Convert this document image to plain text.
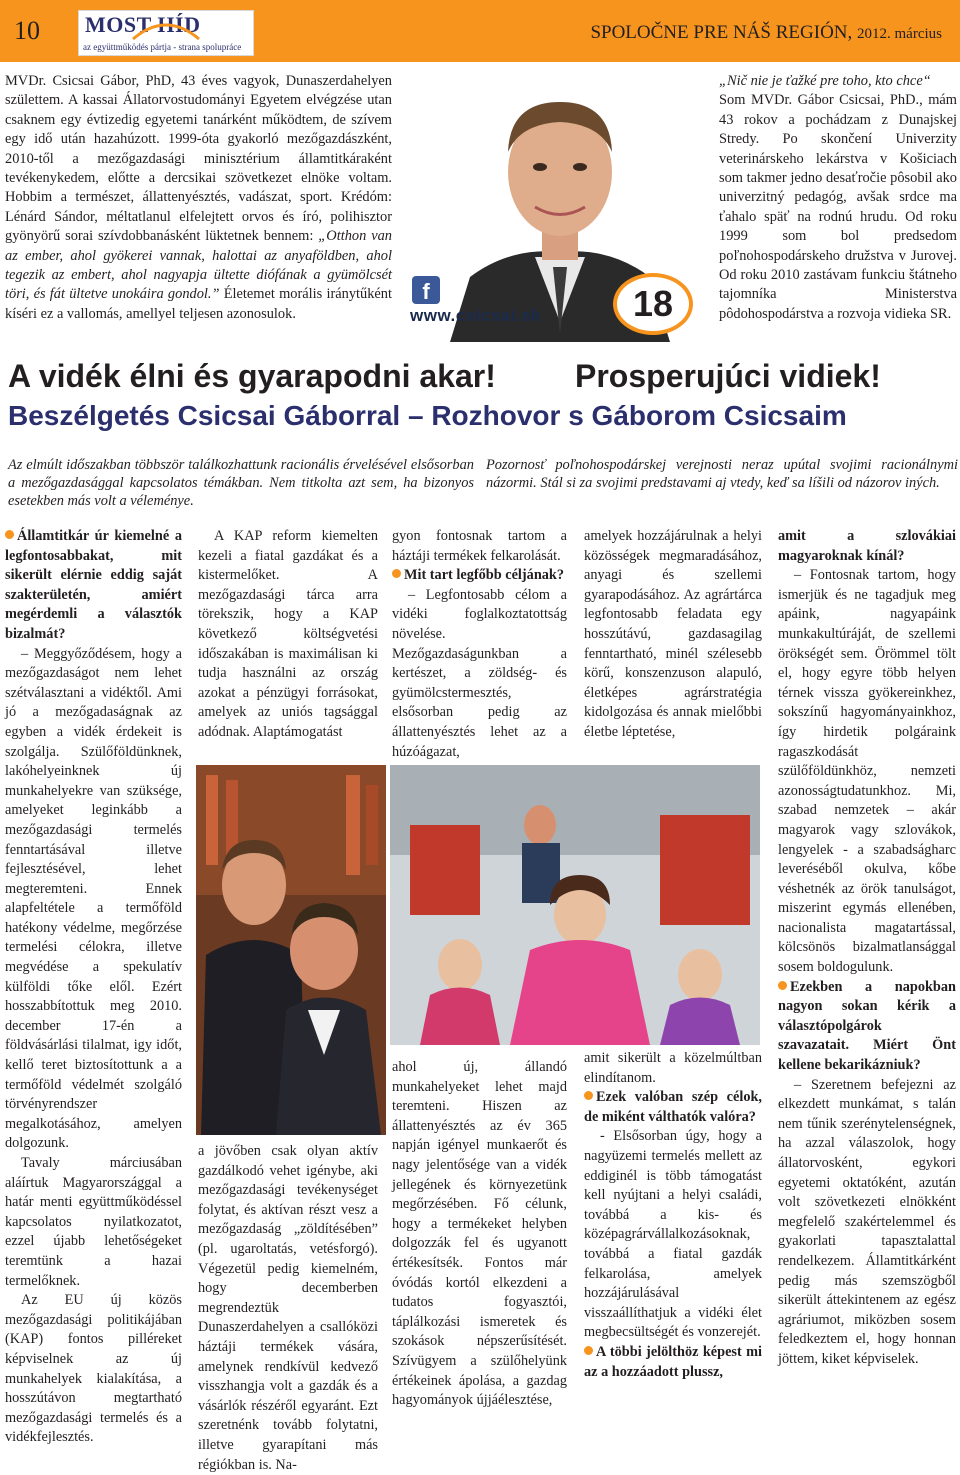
10 MOST HÍD
az együttműködés pártja - strana spolupráce
SPOLOČNE PRE NÁŠ REGIÓN, 2012. március
MVDr. Csicsai Gábor, PhD, 43 éves vagyok, Dunaszerdahelyen születtem. A kassai Állatorvostudományi Egyetem elvégzése utan csaknem egy évtizedig egyetemi tanárként működtem, de szívem egy idő után hazahúzott. 1999-óta gyakorló mezőgazdászként, 2010-től a mezőgazdasági minisztérium államtitkáraként tevékenykedem, előtte a dercsikai szövetkezet elnöke voltam. Hobbim a természet, állattenyésztés, vadászat, sport. Krédóm: Lénárd Sándor, méltatlanul elfelejtett orvos és író, polihisztor gyönyörű sorai szívdobbanásként lüktetnek bennem: „Otthon van az ember, ahol gyökerei vannak, halottai az anyaföldben, ahol tegezik az embert, ahol nagyapja ültette diófának a gyümölcsét töri, és fát ültetve unokáira gondol.” Életemet morális iránytűként kíséri ez a vallomás, amellyel teljesen azonosulok.
f
www.csicsai.sk	18
„Nič nie je ťažké pre toho, kto chce“
Som MVDr. Gábor Csicsai, PhD., mám 43 rokov a pochádzam z Dunajskej Stredy. Po skončení Univerzity veterinárskeho lekárstva v Košiciach som takmer jedno desaťročie pôsobil ako univerzitný pedagóg, avšak srdce ma ťahalo späť na rodnú hrudu. Od roku 1999 som bol predsedom poľnohospodárskeho družstva v Jurovej. Od roku 2010 zastávam funkciu štátneho tajomníka Ministerstva pôdohospodárstva a rozvoja vidieka SR.
A vidék élni és gyarapodni akar! Prosperujúci vidiek!
Beszélgetés Csicsai Gáborral – Rozhovor s Gáborom Csicsaim
Az elmúlt időszakban többször találkozhattunk racionális érvelésével elsősorban a mezőgazdasággal kapcsolatos témákban. Nem titkolta azt sem, ha bizonyos esetekben más volt a véleménye.
Pozornosť poľnohospodárskej verejnosti neraz upútal svojimi racionálnymi názormi. Stál si za svojimi predstavami aj vtedy, keď sa líšili od názorov iných.

Államtitkár úr kiemelné a legfontosabbakat, mit sikerült elérnie eddig saját szakterületén, amiért megérdemli a választók bizalmát?

– Meggyőződésem, hogy a mezőgazdaságot nem lehet szétválasztani a vidéktől. Ami jó a mezőgadaságnak az egyben a vidék érdekeit is szolgálja. Szülőföldünknek, lakóhelyeinknek új munkahelyekre van szüksége, amelyeket leginkább a mezőgazdasági termelés fenntartásával illetve fejlesztésével, lehet megteremteni. Ennek alapfeltétele a termőföld hatékony védelme, megőrzése termelési célokra, illetve megvédése a spekulatív külföldi tőke elől. Ezért hosszabbítottuk meg 2010. december 17-én a földvásárlási tilalmat, igy időt, kellő teret biztosítottunk a a termőföld védelmét szolgáló törvényrendszer megalkotásához, amelyen dolgozunk.

Tavaly márciusában aláírtuk Magyarországgal a határ menti együttműködéssel kapcsolatos nyilatkozatot, ezzel újabb lehetőségeket teremtünk a hazai termelőknek.

Az EU új közös mezőgazdasági politikájában (KAP) fontos pilléreket képviselnek az új munkahelyek kialakítása, a hosszútávon megtartható mezőgazdasági termelés és a vidékfejlesztés.

A KAP reform kiemelten kezeli a fiatal gazdákat és a kistermelőket. A mezőgazdasági tárca arra törekszik, hogy a KAP következő költségvetési időszakában is maximálisan ki tudja használni az ország azokat a pénzügyi forrásokat, amelyek az uniós tagsággal adódnak. Alaptámogatást

a jövőben csak olyan aktív gazdálkodó vehet igénybe, aki mezőgazdasági tevékenységet folytat, és aktívan részt vesz a mezőgazdaság „zöldítésében” (pl. ugaroltatás, vetésforgó). Végezetül pedig kiemelném, hogy decemberben megrendeztük Dunaszerdahelyen a csallóközi háztáji termékek vására, amelynek rendkívül kedvező visszhangja volt a gazdák és a vásárlók részéről egyaránt. Ezt szeretnénk tovább folytatni, illetve gyarapítani más régiókban is. Na-

gyon fontosnak tartom a háztáji termékek felkarolását.

Mit tart legfőbb céljának?

– Legfontosabb célom a vidéki foglalkoztatottság növelése. Mezőgazdaságunkban a kertészet, a zöldség- és gyümölcstermesztés, elsősorban pedig az állattenyésztés lehet az a húzóágazat,

ahol új, állandó munkahelyeket lehet majd teremteni. Hiszen az állattenyésztés az év 365 napján igényel munkaerőt és nagy jelentősége van a vidék jellegének és környezetünk megőrzésében. Fő célunk, hogy a termékeket helyben dolgozzák fel és ugyanott értékesítsék. Fontos már óvódás kortól elkezdeni a tudatos fogyasztói, táplálkozási ismeretek és szokások népszerűsítését. Szívügyem a szülőhelyünk értékeinek ápolása, a gazdag hagyományok újjáélesztése,

amelyek hozzájárulnak a helyi közösségek megmaradásához, anyagi és szellemi gyarapodásához. Az agrártárca legfontosabb feladata egy hosszútávú, gazdasagilag fenntartható, minél szélesebb körű, konszenzuson alapuló, életképes agrárstratégia kidolgozása és annak mielőbbi életbe léptetése,

amit sikerült a közelmúltban elindítanom.

Ezek valóban szép célok, de miként válthatók valóra?

- Elsősorban úgy, hogy a nagyüzemi termelés mellett az eddiginél is több támogatást kell nyújtani a helyi családi, továbbá a kis- és középagrárvállalkozásoknak, továbbá a fiatal gazdák felkarolása, amelyek hozzájárulásával visszaállíthatjuk a vidéki élet megbecsültségét és vonzerejét.

A többi jelölthöz képest mi az a hozzáadott plussz,

amit a szlovákiai magyaroknak kínál?

– Fontosnak tartom, hogy ismerjük és ne tagadjuk meg apáink, nagyapáink munkakultúráját, de szellemi örökségét sem. Örömmel tölt el, hogy egyre több helyen térnek vissza gyökereinkhez, sokszínű hagyományainkhoz, így hirdetik polgáraink ragaszkodását szülőföldünkhöz, nemzeti azonosságtudatunkhoz. Mi, szabad nemzetek – akár magyarok vagy szlovákok, lengyelek - a szabadságharc leveréséből okulva, kőbe véshetnék az örök tanulságot, miszerint egymás ellenében, nacionalista magatartással, kölcsönös bizalmatlansággal sosem boldogulunk.

Ezekben a napokban nagyon sokan kérik a választópolgárok szavazatait. Miért Önt kellene bekarikázniuk?

– Szeretnem befejezni az elkezdett munkámat, s talán nem tűnik szerénytelenségnek, ha azzal válaszolok, hogy állatorvosként, egykori egyetemi oktatóként, azután volt szövetkezeti elnökként megfelelő szakértelemmel és gyakorlati tapasztalattal rendelkezem. Államtitkárként pedig más szemszögből sikerült áttekintenem az egész agráriumot, miközben sosem feledkeztem el, hogy honnan jöttem, kiket képviselek.
